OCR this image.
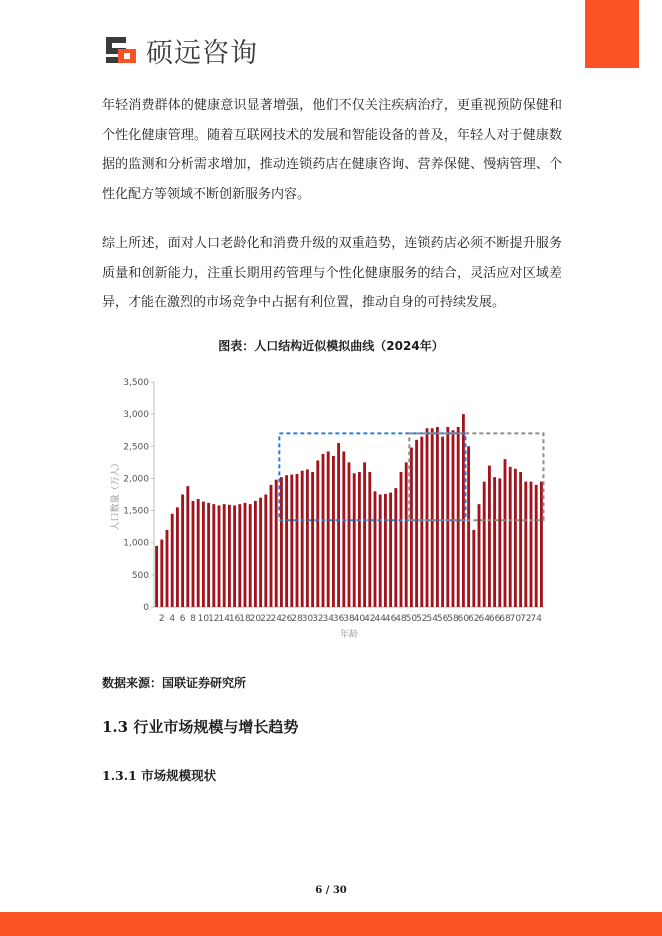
硕远咨询

年轻消费群体的健康意识显著增强，他们不仅关注疾病治疗，更重视预防保健和个性化健康管理。随着互联网技术的发展和智能设备的普及，年轻人对于健康数据的监测和分析需求增加，推动连锁药店在健康咨询、营养保健、慢病管理、个性化配方等领域不断创新服务内容。

综上所述，面对人口老龄化和消费升级的双重趋势，连锁药店必须不断提升服务质量和创新能力，注重长期用药管理与个性化健康服务的结合，灵活应对区域差异，才能在激烈的市场竞争中占据有利位置，推动自身的可持续发展。

图表：人口结构近似模拟曲线（2024年）
0
500
1,000
1,500
2,000
2,500
3,000
3,500
2 4 6 8 10
12
14
16
18
20
22
24
26
28
30
32
34
36
38
40
42
44
46
48
50
52
54
56
58
60
62
64
66
68
70
72
74
年龄
人口数量（万人）
数据来源：国联证券研究所
1.3 行业市场规模与增长趋势
1.3.1 市场规模现状
6 / 30
